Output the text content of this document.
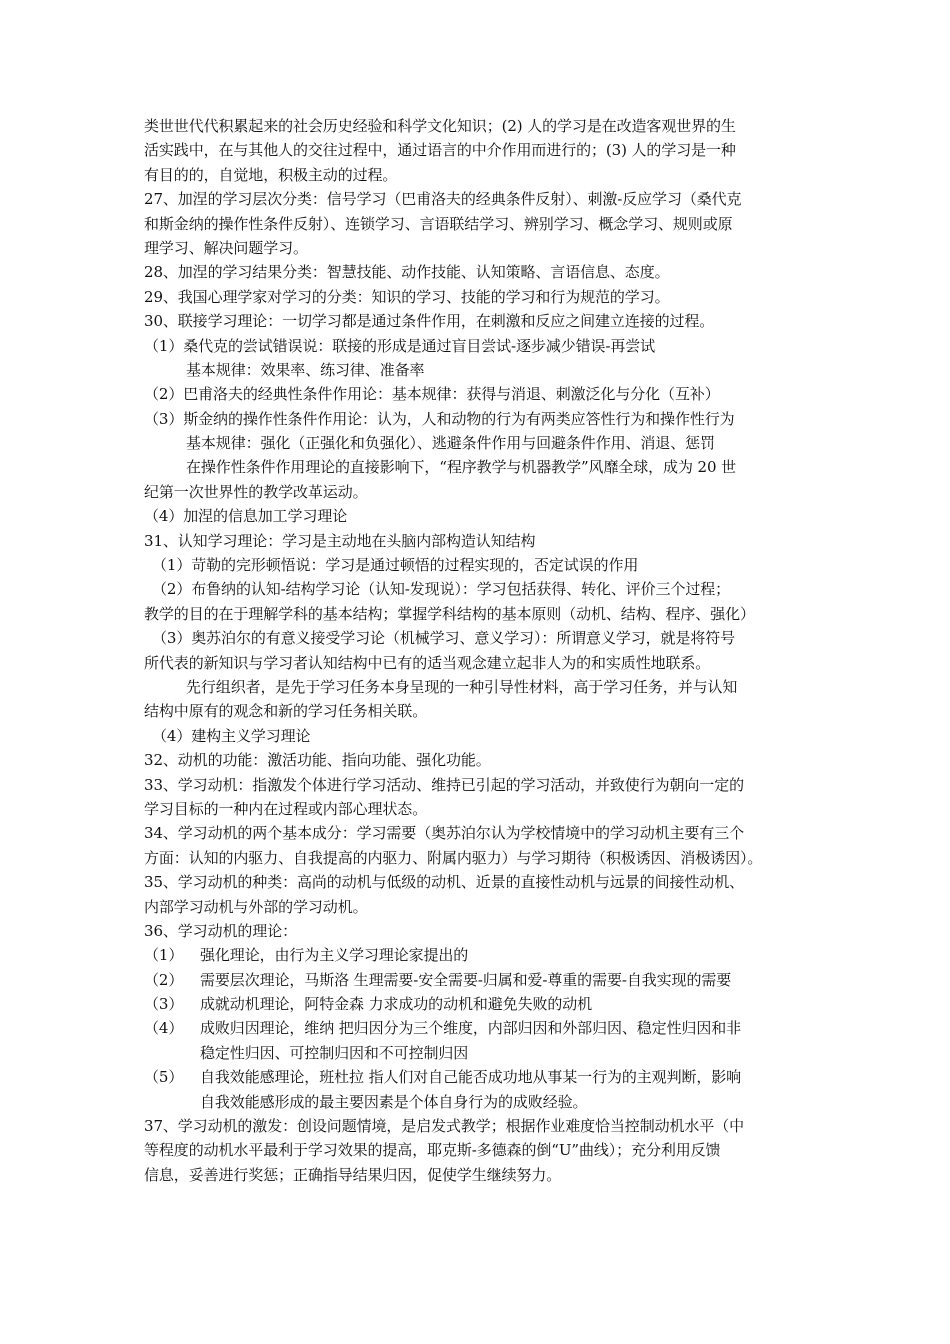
类世世代代积累起来的社会历史经验和科学文化知识；(2) 人的学习是在改造客观世界的生
活实践中，在与其他人的交往过程中，通过语言的中介作用而进行的；(3) 人的学习是一种
有目的的，自觉地，积极主动的过程。
27、加涅的学习层次分类：信号学习（巴甫洛夫的经典条件反射）、刺激-反应学习（桑代克
和斯金纳的操作性条件反射）、连锁学习、言语联结学习、辨别学习、概念学习、规则或原
理学习、解决问题学习。
28、加涅的学习结果分类：智慧技能、动作技能、认知策略、言语信息、态度。
29、我国心理学家对学习的分类：知识的学习、技能的学习和行为规范的学习。
30、联接学习理论：一切学习都是通过条件作用，在刺激和反应之间建立连接的过程。
（1）桑代克的尝试错误说：联接的形成是通过盲目尝试-逐步减少错误-再尝试
基本规律：效果率、练习律、准备率
（2）巴甫洛夫的经典性条件作用论：基本规律：获得与消退、刺激泛化与分化（互补）
（3）斯金纳的操作性条件作用论：认为，人和动物的行为有两类应答性行为和操作性行为
基本规律：强化（正强化和负强化）、逃避条件作用与回避条件作用、消退、惩罚
在操作性条件作用理论的直接影响下，“程序教学与机器教学”风靡全球，成为 20 世
纪第一次世界性的教学改革运动。
（4）加涅的信息加工学习理论
31、认知学习理论：学习是主动地在头脑内部构造认知结构
（1）苛勒的完形顿悟说：学习是通过顿悟的过程实现的，否定试误的作用
（2）布鲁纳的认知-结构学习论（认知-发现说）：学习包括获得、转化、评价三个过程；
教学的目的在于理解学科的基本结构；掌握学科结构的基本原则（动机、结构、程序、强化）
（3）奥苏泊尔的有意义接受学习论（机械学习、意义学习）：所谓意义学习，就是将符号
所代表的新知识与学习者认知结构中已有的适当观念建立起非人为的和实质性地联系。
先行组织者，是先于学习任务本身呈现的一种引导性材料，高于学习任务，并与认知
结构中原有的观念和新的学习任务相关联。
（4）建构主义学习理论
32、动机的功能：激活功能、指向功能、强化功能。
33、学习动机：指激发个体进行学习活动、维持已引起的学习活动，并致使行为朝向一定的
学习目标的一种内在过程或内部心理状态。
34、学习动机的两个基本成分：学习需要（奥苏泊尔认为学校情境中的学习动机主要有三个
方面：认知的内驱力、自我提高的内驱力、附属内驱力）与学习期待（积极诱因、消极诱因）。
35、学习动机的种类：高尚的动机与低级的动机、近景的直接性动机与远景的间接性动机、
内部学习动机与外部的学习动机。
36、学习动机的理论：
（1）	强化理论，由行为主义学习理论家提出的
（2）	需要层次理论，马斯洛 生理需要-安全需要-归属和爱-尊重的需要-自我实现的需要
（3）	成就动机理论，阿特金森 力求成功的动机和避免失败的动机
（4）	成败归因理论，维纳 把归因分为三个维度，内部归因和外部归因、稳定性归因和非
稳定性归因、可控制归因和不可控制归因
（5）	自我效能感理论，班杜拉 指人们对自己能否成功地从事某一行为的主观判断，影响
自我效能感形成的最主要因素是个体自身行为的成败经验。
37、学习动机的激发：创设问题情境，是启发式教学；根据作业难度恰当控制动机水平（中
等程度的动机水平最利于学习效果的提高，耶克斯-多德森的倒“U”曲线）；充分利用反馈
信息，妥善进行奖惩；正确指导结果归因，促使学生继续努力。
